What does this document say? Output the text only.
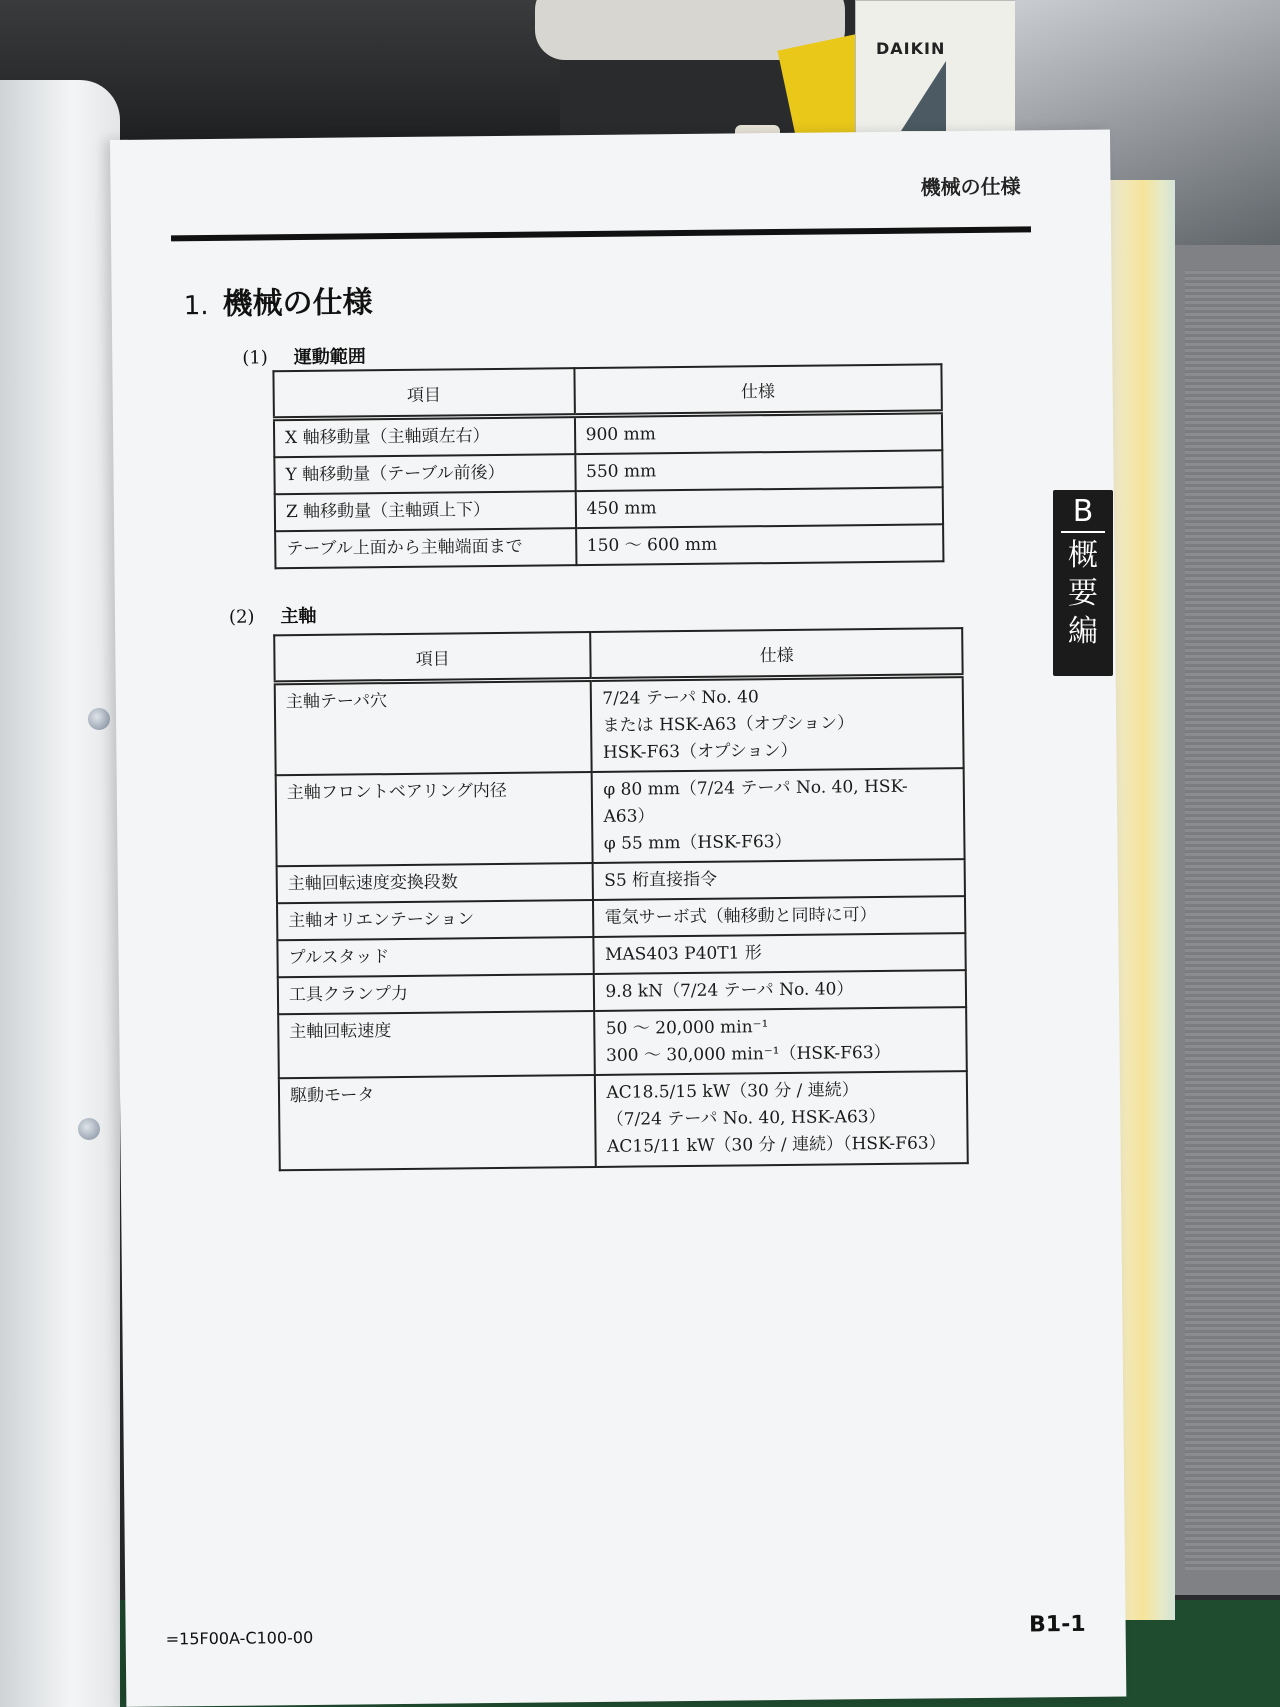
DAIKIN
機械の仕様
1. 機械の仕様
(1) 運動範囲
項目	仕様
X 軸移動量（主軸頭左右）	900 mm
Y 軸移動量（テーブル前後）	550 mm
Z 軸移動量（主軸頭上下）	450 mm
テーブル上面から主軸端面まで	150 ～ 600 mm
(2) 主軸
項目	仕様
主軸テーパ穴	7/24 テーパ No. 40
または HSK-A63（オプション）
HSK-F63（オプション）
主軸フロントベアリング内径	φ 80 mm（7/24 テーパ No. 40, HSK-A63）
φ 55 mm（HSK-F63）
主軸回転速度変換段数	S5 桁直接指令
主軸オリエンテーション	電気サーボ式（軸移動と同時に可）
プルスタッド	MAS403 P40T1 形
工具クランプ力	9.8 kN（7/24 テーパ No. 40）
主軸回転速度	50 ～ 20,000 min⁻¹
300 ～ 30,000 min⁻¹（HSK-F63）
駆動モータ	AC18.5/15 kW（30 分 / 連続）
（7/24 テーパ No. 40, HSK-A63）
AC15/11 kW（30 分 / 連続）（HSK-F63）
=15F00A-C100-00
B1-1
B
概要編
